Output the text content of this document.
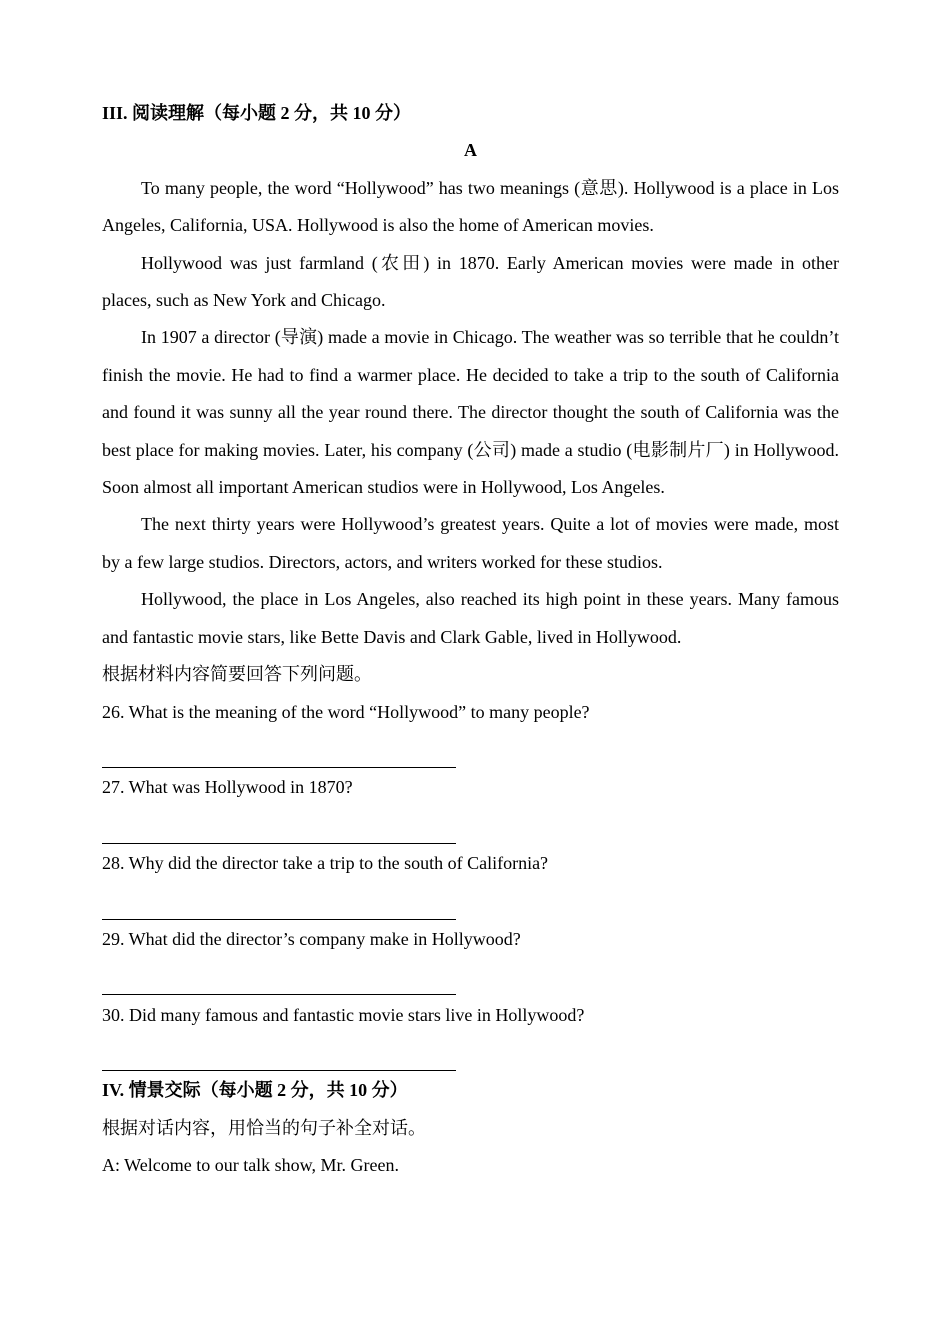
III. 阅读理解（每小题 2 分，共 10 分）
A
To many people, the word “Hollywood” has two meanings (意思). Hollywood is a place in Los Angeles, California, USA. Hollywood is also the home of American movies.
Hollywood was just farmland (农田) in 1870. Early American movies were made in other places, such as New York and Chicago.
In 1907 a director (导演) made a movie in Chicago. The weather was so terrible that he couldn’t finish the movie. He had to find a warmer place. He decided to take a trip to the south of California and found it was sunny all the year round there. The director thought the south of California was the best place for making movies. Later, his company (公司) made a studio (电影制片厂) in Hollywood. Soon almost all important American studios were in Hollywood, Los Angeles.
The next thirty years were Hollywood’s greatest years. Quite a lot of movies were made, most by a few large studios. Directors, actors, and writers worked for these studios.
Hollywood, the place in Los Angeles, also reached its high point in these years. Many famous and fantastic movie stars, like Bette Davis and Clark Gable, lived in Hollywood.
根据材料内容简要回答下列问题。
26. What is the meaning of the word “Hollywood” to many people?
27. What was Hollywood in 1870?
28. Why did the director take a trip to the south of California?
29. What did the director’s company make in Hollywood?
30. Did many famous and fantastic movie stars live in Hollywood?
IV. 情景交际（每小题 2 分，共 10 分）
根据对话内容，用恰当的句子补全对话。
A: Welcome to our talk show, Mr. Green.
